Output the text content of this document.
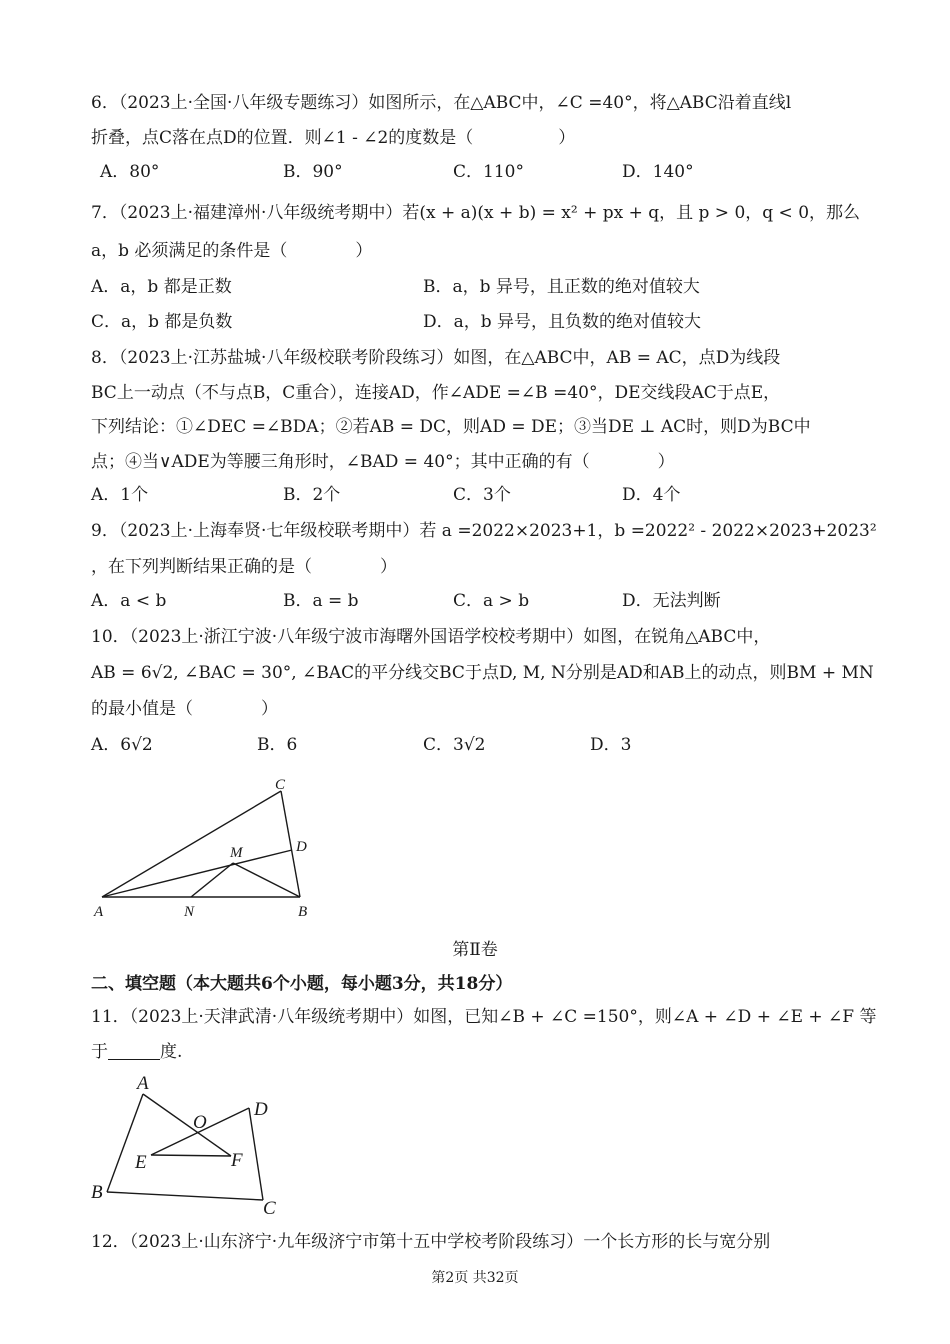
6．（2023上·全国·八年级专题练习）如图所示，在△ABC中，∠C =40°，将△ABC沿着直线l
折叠，点C落在点D的位置．则∠1 - ∠2的度数是（　　　　　）
A．80°	B．90°	C．110°	D．140°
7．（2023上·福建漳州·八年级统考期中）若(x + a)(x + b) = x² + px + q，且 p > 0，q < 0，那么
a，b 必须满足的条件是（　　　　）
A．a，b 都是正数	B．a，b 异号，且正数的绝对值较大
C．a，b 都是负数	D．a，b 异号，且负数的绝对值较大
8．（2023上·江苏盐城·八年级校联考阶段练习）如图，在△ABC中，AB = AC，点D为线段
BC上一动点（不与点B，C重合），连接AD，作∠ADE =∠B =40°，DE交线段AC于点E，
下列结论：①∠DEC =∠BDA；②若AB = DC，则AD = DE；③当DE ⊥ AC时，则D为BC中
点；④当∨ADE为等腰三角形时，∠BAD = 40°；其中正确的有（　　　　）
A．1个	B．2个	C．3个	D．4个
9．（2023上·上海奉贤·七年级校联考期中）若 a =2022×2023+1，b =2022² - 2022×2023+2023²
，在下列判断结果正确的是（　　　　）
A．a < b	B．a = b	C．a > b	D．无法判断
10．（2023上·浙江宁波·八年级宁波市海曙外国语学校校考期中）如图，在锐角△ABC中，
AB = 6√2, ∠BAC = 30°, ∠BAC的平分线交BC于点D, M, N分别是AD和AB上的动点，则BM + MN
的最小值是（　　　　）
A．6√2	B．6	C．3√2	D．3
A	N	B
C
D
M
第Ⅱ卷
二、填空题（本大题共6个小题，每小题3分，共18分）
11．（2023上·天津武清·八年级统考期中）如图，已知∠B + ∠C =150°，则∠A + ∠D + ∠E + ∠F 等
于	度.
A
B
C
D
E	F
O
12．（2023上·山东济宁·九年级济宁市第十五中学校考阶段练习）一个长方形的长与宽分别
第2页 共32页
